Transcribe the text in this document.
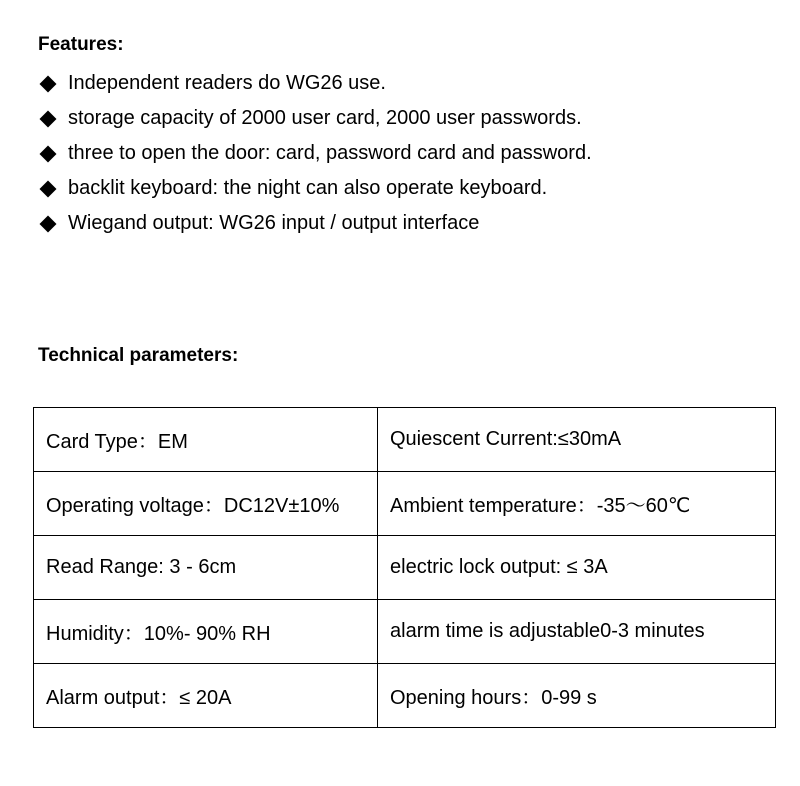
Features:
Independent readers do WG26 use.
storage capacity of 2000 user card, 2000 user passwords.
three to open the door: card, password card and password.
backlit keyboard: the night can also operate keyboard.
Wiegand output: WG26 input / output interface
Technical parameters:
Card Type：EM	Quiescent Current:≤30mA
Operating voltage：DC12V±10%	Ambient temperature：-35～60℃
Read Range: 3 - 6cm	electric lock output: ≤ 3A
Humidity：10%- 90% RH	alarm time is adjustable0-3 minutes
Alarm output：≤ 20A	Opening hours：0-99 s
